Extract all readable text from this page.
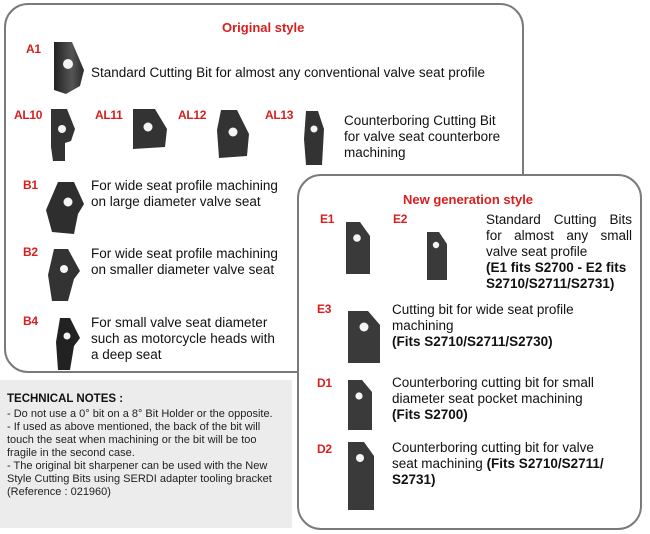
Original style
A1
Standard Cutting Bit for almost any conventional valve seat profile
AL10	AL11	AL12	AL13	Counterboring Cutting Bit
for valve seat counterbore
machining
B1	For wide seat profile machining
on large diameter valve seat
B2	For wide seat profile machining
on smaller diameter valve seat
B4	For small valve seat diameter
such as motorcycle heads with
a deep seat
New generation style
E1	E2	Standard Cutting Bits
for almost any small
valve seat profile
(E1 fits S2700 - E2 fits
S2710/S2711/S2731)
E3	Cutting bit for wide seat profile
machining
(Fits S2710/S2711/S2730)
D1	Counterboring cutting bit for small
diameter seat pocket machining
(Fits S2700)
D2	Counterboring cutting bit for valve
seat machining (Fits S2710/S2711/
S2731)
TECHNICAL NOTES :
- Do not use a 0° bit on a 8° Bit Holder or the opposite.
- If used as above mentioned, the back of the bit will touch the seat when machining or the bit will be too fragile in the second case.
- The original bit sharpener can be used with the New Style Cutting Bits using SERDI adapter tooling bracket (Reference : 021960)
